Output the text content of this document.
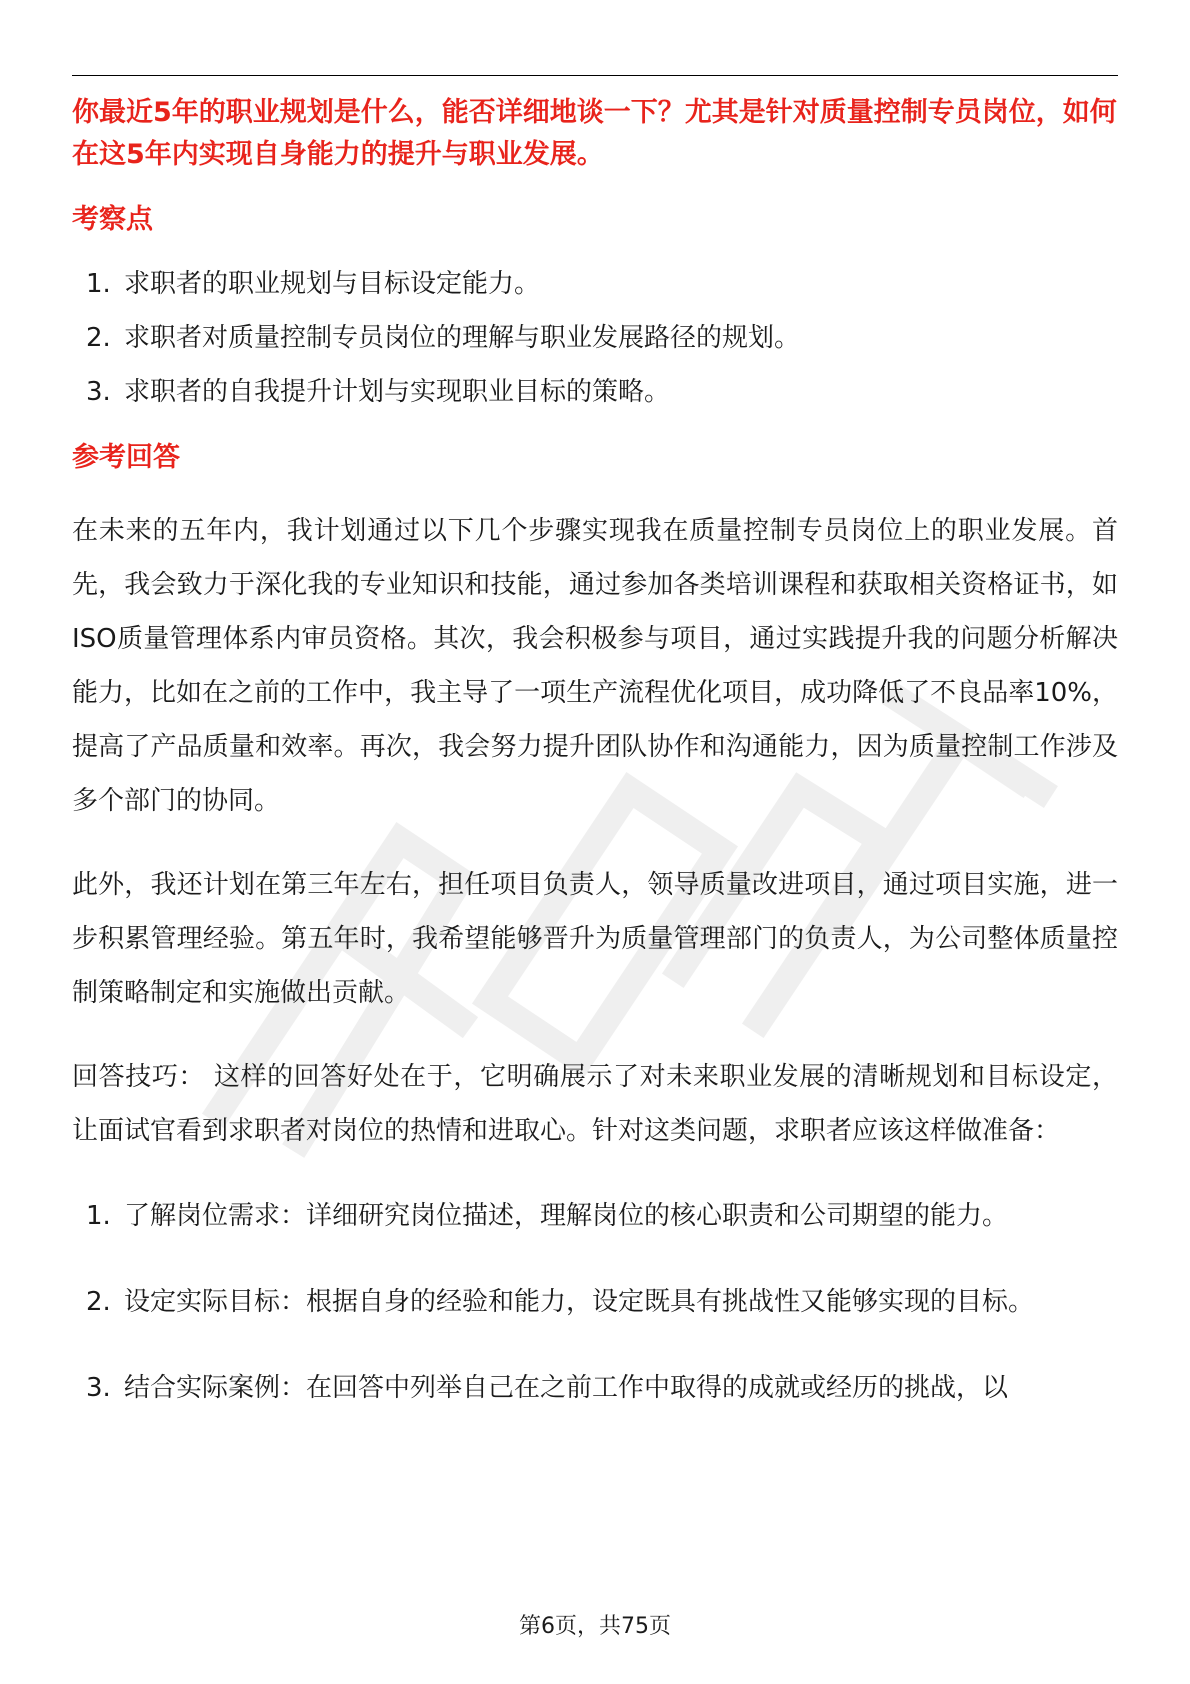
你最近5年的职业规划是什么，能否详细地谈一下？尤其是针对质量控制专员岗位，如何在这5年内实现自身能力的提升与职业发展。

考察点
1. 求职者的职业规划与目标设定能力。
2. 求职者对质量控制专员岗位的理解与职业发展路径的规划。
3. 求职者的自我提升计划与实现职业目标的策略。
参考回答

在未来的五年内，我计划通过以下几个步骤实现我在质量控制专员岗位上的职业发展。首先，我会致力于深化我的专业知识和技能，通过参加各类培训课程和获取相关资格证书，如ISO质量管理体系内审员资格。其次，我会积极参与项目，通过实践提升我的问题分析解决能力，比如在之前的工作中，我主导了一项生产流程优化项目，成功降低了不良品率10%，提高了产品质量和效率。再次，我会努力提升团队协作和沟通能力，因为质量控制工作涉及多个部门的协同。

此外，我还计划在第三年左右，担任项目负责人，领导质量改进项目，通过项目实施，进一步积累管理经验。第五年时，我希望能够晋升为质量管理部门的负责人，为公司整体质量控制策略制定和实施做出贡献。

回答技巧： 这样的回答好处在于，它明确展示了对未来职业发展的清晰规划和目标设定，让面试官看到求职者对岗位的热情和进取心。针对这类问题，求职者应该这样做准备：

1. 了解岗位需求：详细研究岗位描述，理解岗位的核心职责和公司期望的能力。
2. 设定实际目标：根据自身的经验和能力，设定既具有挑战性又能够实现的目标。
3. 结合实际案例：在回答中列举自己在之前工作中取得的成就或经历的挑战，以
第6页，共75页
